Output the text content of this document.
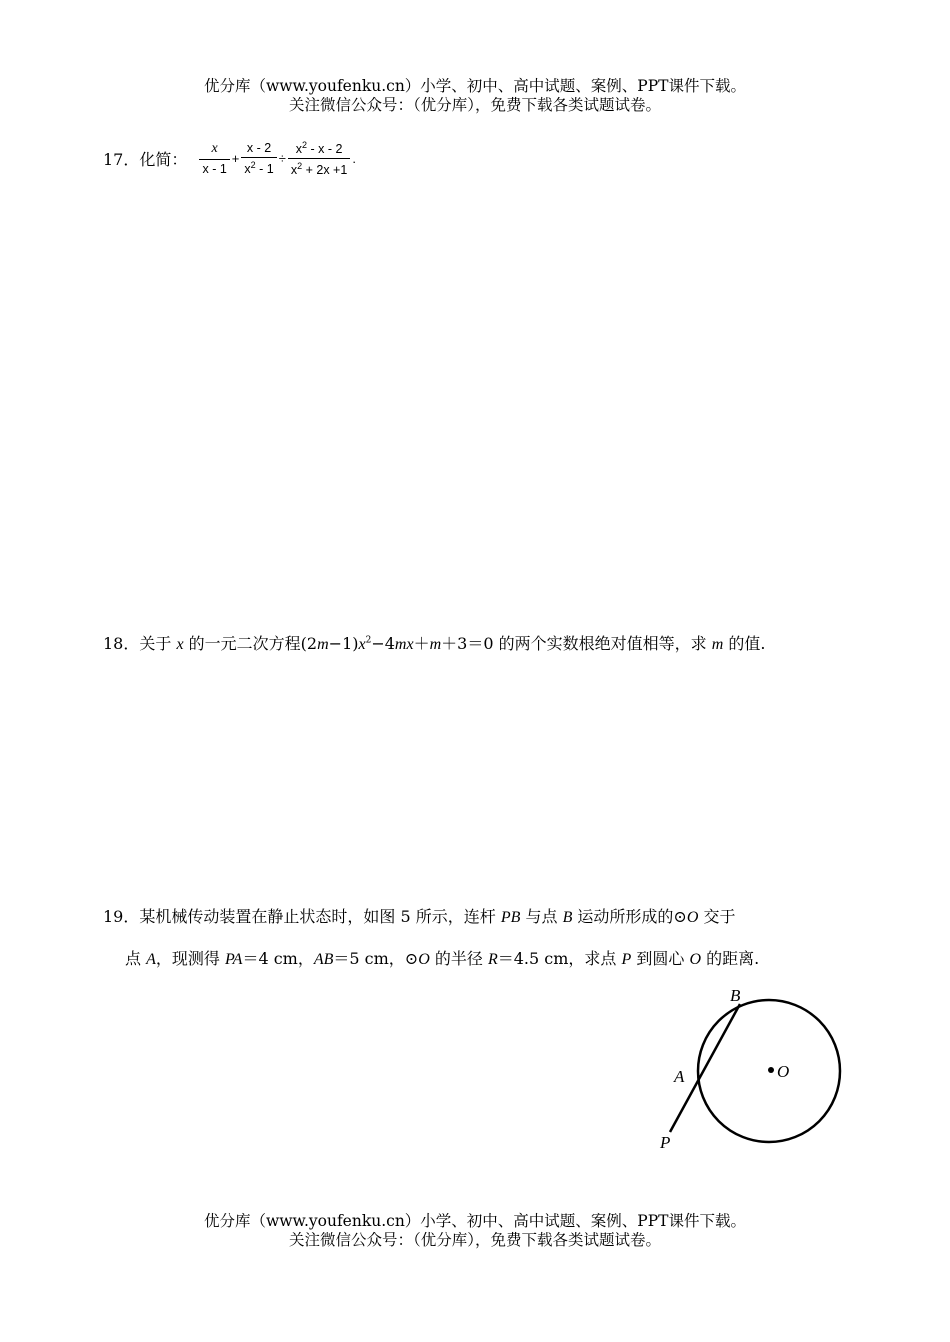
优分库（www.youfenku.cn）小学、初中、高中试题、案例、PPT课件下载。
关注微信公众号：（优分库），免费下载各类试题试卷。
17．化简： $\frac{x}{x - 1} + \frac{x - 2}{x^2 - 1} \div \frac{x^2 - x - 2}{x^2 + 2x +1}$ .
18．关于 x 的一元二次方程$(2m-1)x^2-4mx+m+3=0$ 的两个实数根绝对值相等，求 m 的值.
19．某机械传动装置在静止状态时，如图 5 所示，连杆 PB 与点 B 运动所形成的⊙O 交于
点 A，现测得 PA＝4 cm，AB＝5 cm，⊙O 的半径 R＝4.5 cm，求点 P 到圆心 O 的距离.
B
A	O
P
优分库（www.youfenku.cn）小学、初中、高中试题、案例、PPT课件下载。
关注微信公众号：（优分库），免费下载各类试题试卷。
